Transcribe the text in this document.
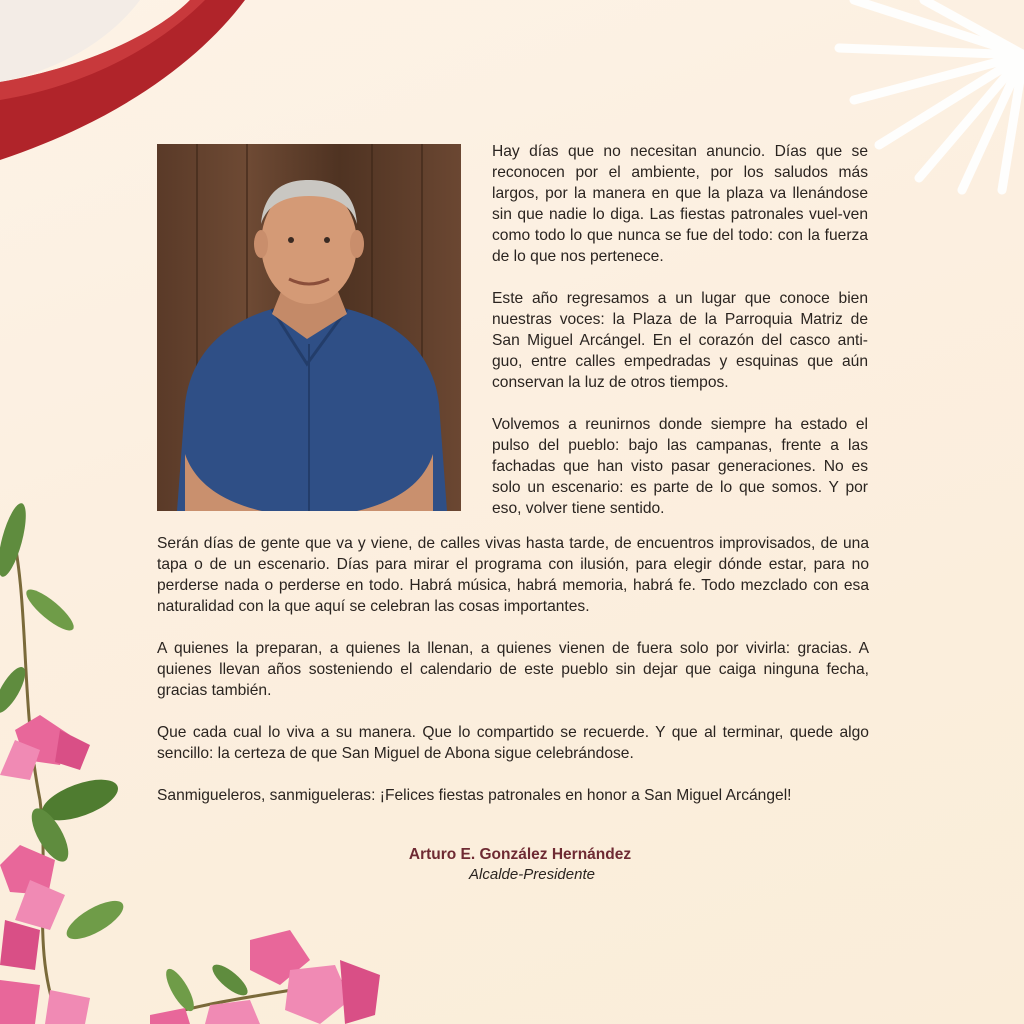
Hay días que no necesitan anuncio. Días que se reconocen por el ambiente, por los saludos más largos, por la manera en que la plaza va llenándose sin que nadie lo diga. Las fiestas patronales vuel-ven como todo lo que nunca se fue del todo: con la fuerza de lo que nos pertenece.

Este año regresamos a un lugar que conoce bien nuestras voces: la Plaza de la Parroquia Matriz de San Miguel Arcángel. En el corazón del casco anti-guo, entre calles empedradas y esquinas que aún conservan la luz de otros tiempos.

Volvemos a reunirnos donde siempre ha estado el pulso del pueblo: bajo las campanas, frente a las fachadas que han visto pasar generaciones. No es solo un escenario: es parte de lo que somos. Y por eso, volver tiene sentido.

Serán días de gente que va y viene, de calles vivas hasta tarde, de encuentros improvisados, de una tapa o de un escenario. Días para mirar el programa con ilusión, para elegir dónde estar, para no perderse nada o perderse en todo. Habrá música, habrá memoria, habrá fe. Todo mezclado con esa naturalidad con la que aquí se celebran las cosas importantes.

A quienes la preparan, a quienes la llenan, a quienes vienen de fuera solo por vivirla: gracias. A quienes llevan años sosteniendo el calendario de este pueblo sin dejar que caiga ninguna fecha, gracias también.

Que cada cual lo viva a su manera. Que lo compartido se recuerde. Y que al terminar, quede algo sencillo: la certeza de que San Miguel de Abona sigue celebrándose.

Sanmigueleros, sanmigueleras: ¡Felices fiestas patronales en honor a San Miguel Arcángel!

Arturo E. González Hernández
Alcalde-Presidente
